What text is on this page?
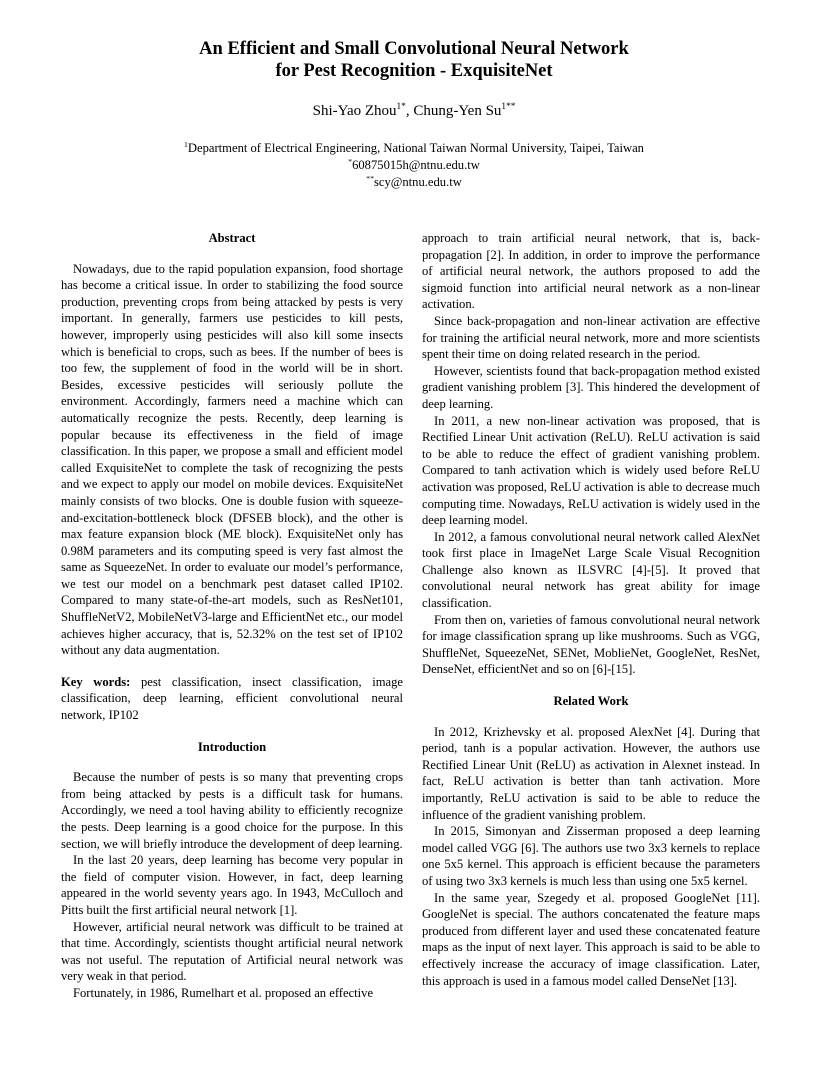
An Efficient and Small Convolutional Neural Network
for Pest Recognition - ExquisiteNet
Shi-Yao Zhou$^{1*}$, Chung-Yen $Su^{1**}$
$^1$Department of Electrical Engineering, National Taiwan Normal University, Taipei, Taiwan
*60875015h@ntnu.edu.tw
**scy@ntnu.edu.tw
Abstract

Nowadays, due to the rapid population expansion, food shortage has become a critical issue. In order to stabilizing the food source production, preventing crops from being attacked by pests is very important. In generally, farmers use pesticides to kill pests, however, improperly using pesticides will also kill some insects which is beneficial to crops, such as bees. If the number of bees is too few, the supplement of food in the world will be in short. Besides, excessive pesticides will seriously pollute the environment. Accordingly, farmers need a machine which can automatically recognize the pests. Recently, deep learning is popular because its effectiveness in the field of image classification. In this paper, we propose a small and efficient model called ExquisiteNet to complete the task of recognizing the pests and we expect to apply our model on mobile devices. ExquisiteNet mainly consists of two blocks. One is double fusion with squeeze-and-excitation-bottleneck block (DFSEB block), and the other is max feature expansion block (ME block). ExquisiteNet only has 0.98M parameters and its computing speed is very fast almost the same as SqueezeNet. In order to evaluate our model’s performance, we test our model on a benchmark pest dataset called IP102. Compared to many state-of-the-art models, such as ResNet101, ShuffleNetV2, MobileNetV3-large and EfficientNet etc., our model achieves higher accuracy, that is, 52.32% on the test set of IP102 without any data augmentation.

Key words: pest classification, insect classification, image classification, deep learning, efficient convolutional neural network, IP102

Introduction

Because the number of pests is so many that preventing crops from being attacked by pests is a difficult task for humans. Accordingly, we need a tool having ability to efficiently recognize the pests. Deep learning is a good choice for the purpose. In this section, we will briefly introduce the development of deep learning.

In the last 20 years, deep learning has become very popular in the field of computer vision. However, in fact, deep learning appeared in the world seventy years ago. In 1943, McCulloch and Pitts built the first artificial neural network [1].

However, artificial neural network was difficult to be trained at that time. Accordingly, scientists thought artificial neural network was not useful. The reputation of Artificial neural network was very weak in that period.

Fortunately, in 1986, Rumelhart et al. proposed an effective

approach to train artificial neural network, that is, back-propagation [2]. In addition, in order to improve the performance of artificial neural network, the authors proposed to add the sigmoid function into artificial neural network as a non-linear activation.

Since back-propagation and non-linear activation are effective for training the artificial neural network, more and more scientists spent their time on doing related research in the period.

However, scientists found that back-propagation method existed gradient vanishing problem [3]. This hindered the development of deep learning.

In 2011, a new non-linear activation was proposed, that is Rectified Linear Unit activation (ReLU). ReLU activation is said to be able to reduce the effect of gradient vanishing problem. Compared to tanh activation which is widely used before ReLU activation was proposed, ReLU activation is able to decrease much computing time. Nowadays, ReLU activation is widely used in the deep learning model.

In 2012, a famous convolutional neural network called AlexNet took first place in ImageNet Large Scale Visual Recognition Challenge also known as ILSVRC [4]-[5]. It proved that convolutional neural network has great ability for image classification.

From then on, varieties of famous convolutional neural network for image classification sprang up like mushrooms. Such as VGG, ShuffleNet, SqueezeNet, SENet, MoblieNet, GoogleNet, ResNet, DenseNet, efficientNet and so on [6]-[15].

Related Work

In 2012, Krizhevsky et al. proposed AlexNet [4]. During that period, tanh is a popular activation. However, the authors use Rectified Linear Unit (ReLU) as activation in Alexnet instead. In fact, ReLU activation is better than tanh activation. More importantly, ReLU activation is said to be able to reduce the influence of the gradient vanishing problem.

In 2015, Simonyan and Zisserman proposed a deep learning model called VGG [6]. The authors use two 3x3 kernels to replace one 5x5 kernel. This approach is efficient because the parameters of using two 3x3 kernels is much less than using one 5x5 kernel.

In the same year, Szegedy et al. proposed GoogleNet [11]. GoogleNet is special. The authors concatenated the feature maps produced from different layer and used these concatenated feature maps as the input of next layer. This approach is said to be able to effectively increase the accuracy of image classification. Later, this approach is used in a famous model called DenseNet [13].
